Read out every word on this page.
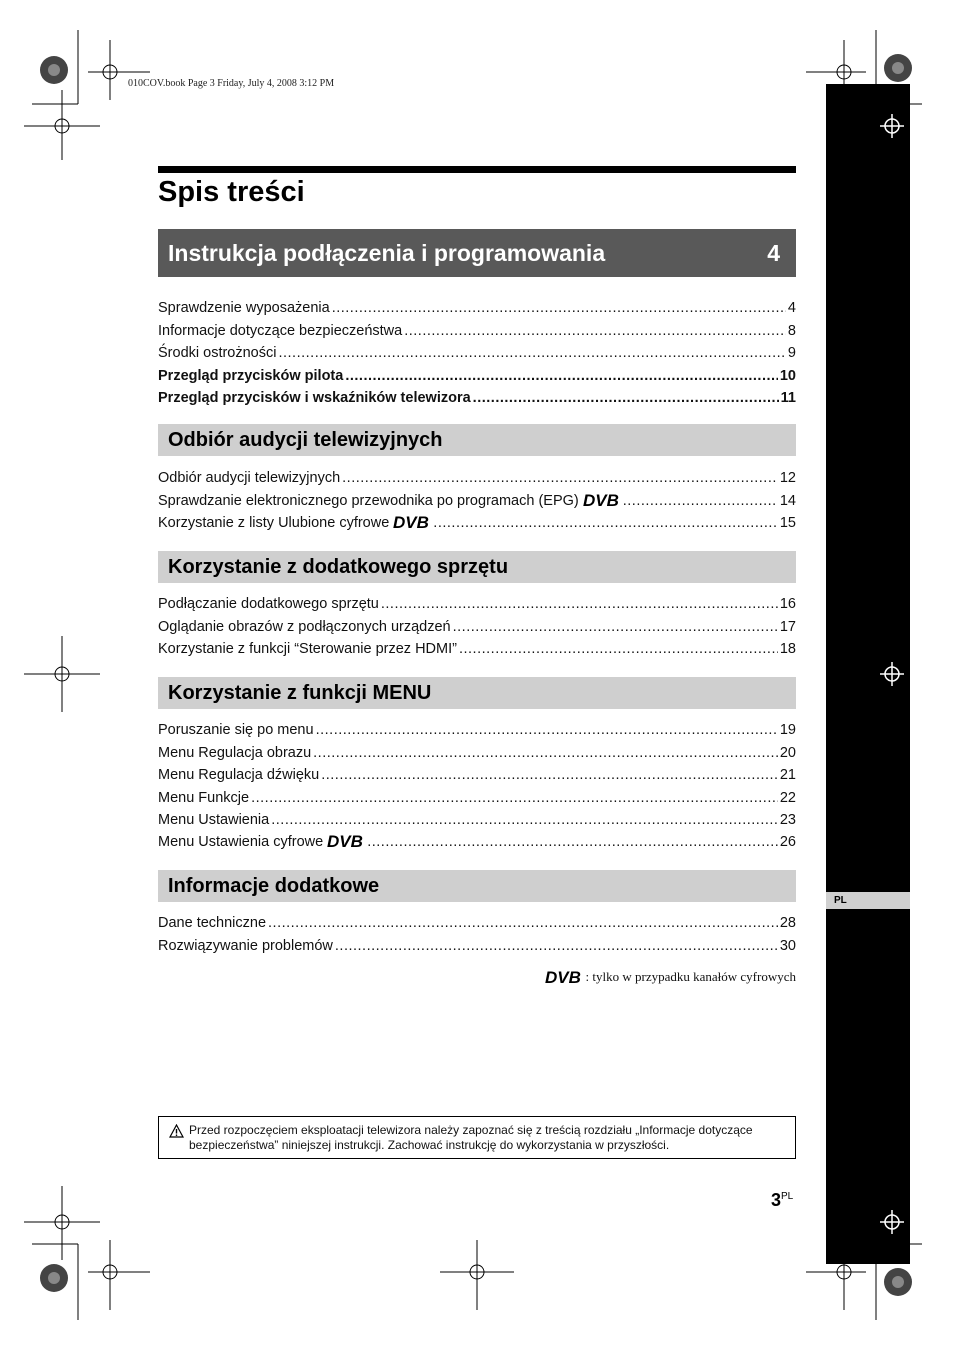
010COV.book Page 3 Friday, July 4, 2008 3:12 PM
PL
Spis treści
Instrukcja podłączenia i programowania	4
Sprawdzenie wyposażenia .....	4
Informacje dotyczące bezpieczeństwa .....	8
Środki ostrożności .....	9
Przegląd przycisków pilota .....	10
Przegląd przycisków i wskaźników telewizora .....	11
Odbiór audycji telewizyjnych
Odbiór audycji telewizyjnych .....	12
Sprawdzanie elektronicznego przewodnika po programach (EPG) DVB .....	14
Korzystanie z listy Ulubione cyfrowe DVB .....	15
Korzystanie z dodatkowego sprzętu
Podłączanie dodatkowego sprzętu .....	16
Oglądanie obrazów z podłączonych urządzeń .....	17
Korzystanie z funkcji “Sterowanie przez HDMI” .....	18
Korzystanie z funkcji MENU
Poruszanie się po menu .....	19
Menu Regulacja obrazu .....	20
Menu Regulacja dźwięku .....	21
Menu Funkcje .....	22
Menu Ustawienia .....	23
Menu Ustawienia cyfrowe DVB .....	26
Informacje dodatkowe
Dane techniczne .....	28
Rozwiązywanie problemów .....	30
DVB : tylko w przypadku kanałów cyfrowych
Przed rozpoczęciem eksploatacji telewizora należy zapoznać się z treścią rozdziału „Informacje dotyczące bezpieczeństwa” niniejszej instrukcji. Zachować instrukcję do wykorzystania w przyszłości.
$3^{PL}$
